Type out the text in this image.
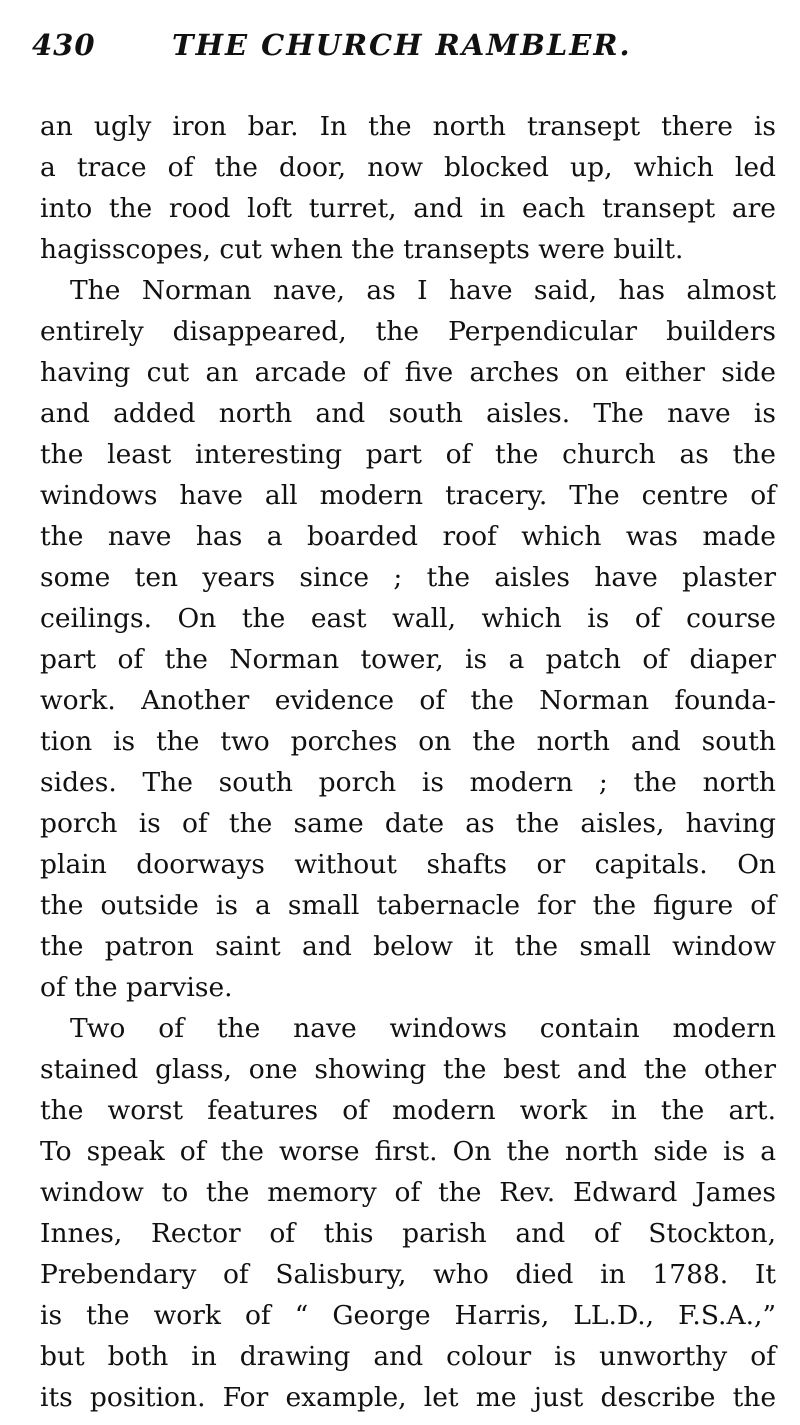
430	THE CHURCH RAMBLER.
an ugly iron bar. In the north transept there is
a trace of the door, now blocked up, which led
into the rood loft turret, and in each transept are
hagisscopes, cut when the transepts were built.
The Norman nave, as I have said, has almost
entirely disappeared, the Perpendicular builders
having cut an arcade of five arches on either side
and added north and south aisles. The nave is
the least interesting part of the church as the
windows have all modern tracery. The centre of
the nave has a boarded roof which was made
some ten years since ; the aisles have plaster
ceilings. On the east wall, which is of course
part of the Norman tower, is a patch of diaper
work. Another evidence of the Norman founda-
tion is the two porches on the north and south
sides. The south porch is modern ; the north
porch is of the same date as the aisles, having
plain doorways without shafts or capitals. On
the outside is a small tabernacle for the figure of
the patron saint and below it the small window
of the parvise.
Two of the nave windows contain modern
stained glass, one showing the best and the other
the worst features of modern work in the art.
To speak of the worse first. On the north side is a
window to the memory of the Rev. Edward James
Innes, Rector of this parish and of Stockton,
Prebendary of Salisbury, who died in 1788. It
is the work of “ George Harris, LL.D., F.S.A.,”
but both in drawing and colour is unworthy of
its position. For example, let me just describe the
